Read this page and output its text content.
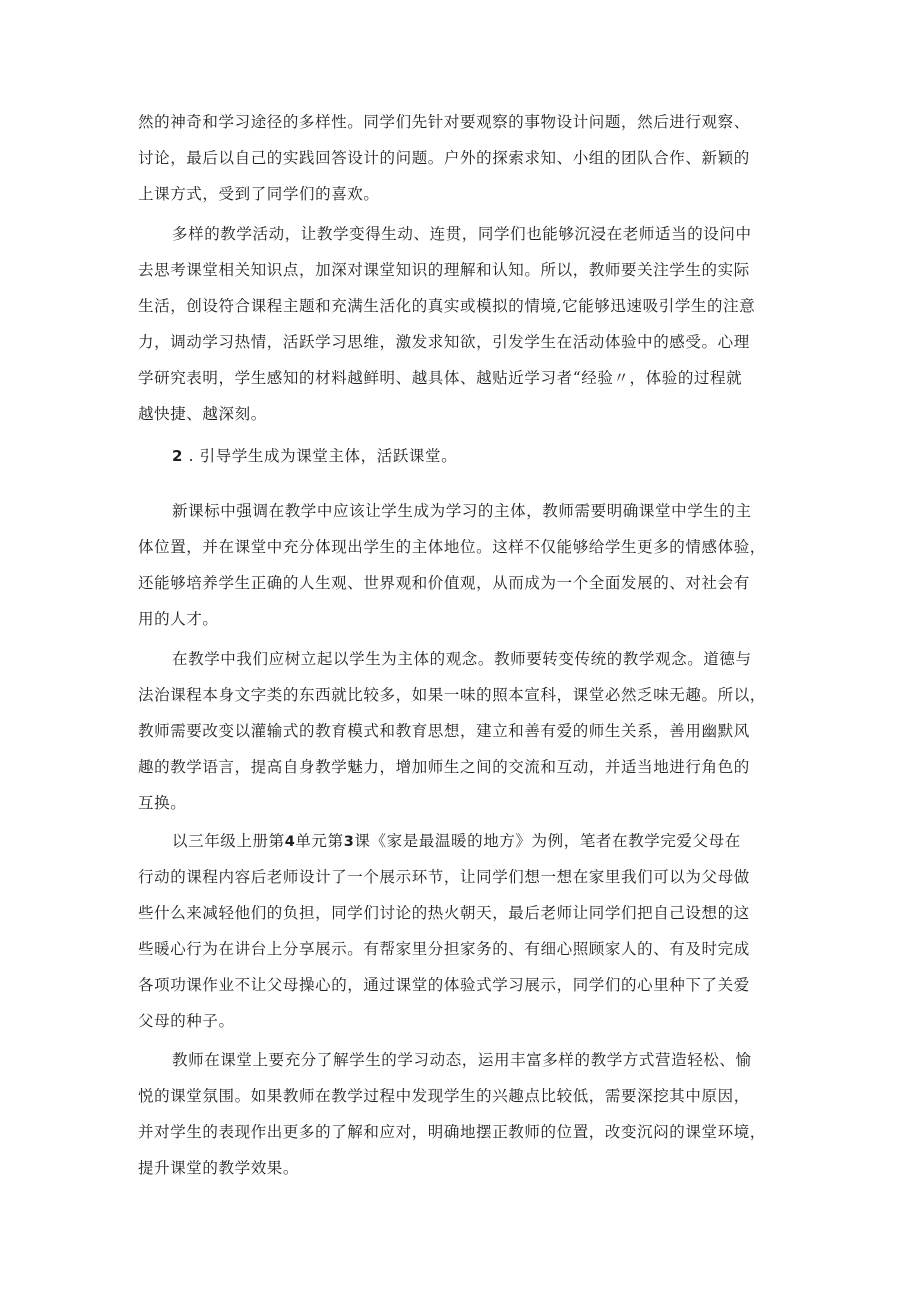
然的神奇和学习途径的多样性。同学们先针对要观察的事物设计问题，然后进行观察、
讨论，最后以自己的实践回答设计的问题。户外的探索求知、小组的团队合作、新颖的
上课方式，受到了同学们的喜欢。
多样的教学活动，让教学变得生动、连贯，同学们也能够沉浸在老师适当的设问中
去思考课堂相关知识点，加深对课堂知识的理解和认知。所以，教师要关注学生的实际
生活，创设符合课程主题和充满生活化的真实或模拟的情境,它能够迅速吸引学生的注意
力，调动学习热情，活跃学习思维，激发求知欲，引发学生在活动体验中的感受。心理
学研究表明，学生感知的材料越鲜明、越具体、越贴近学习者“经验〃，体验的过程就
越快捷、越深刻。
2 . 引导学生成为课堂主体，活跃课堂。
新课标中强调在教学中应该让学生成为学习的主体，教师需要明确课堂中学生的主
体位置，并在课堂中充分体现出学生的主体地位。这样不仅能够给学生更多的情感体验，
还能够培养学生正确的人生观、世界观和价值观，从而成为一个全面发展的、对社会有
用的人才。
在教学中我们应树立起以学生为主体的观念。教师要转变传统的教学观念。道德与
法治课程本身文字类的东西就比较多，如果一味的照本宣科，课堂必然乏味无趣。所以，
教师需要改变以灌输式的教育模式和教育思想，建立和善有爱的师生关系，善用幽默风
趣的教学语言，提高自身教学魅力，增加师生之间的交流和互动，并适当地进行角色的
互换。
以三年级上册第4单元第3课《家是最温暖的地方》为例，笔者在教学完爱父母在
行动的课程内容后老师设计了一个展示环节，让同学们想一想在家里我们可以为父母做
些什么来减轻他们的负担，同学们讨论的热火朝天，最后老师让同学们把自己设想的这
些暖心行为在讲台上分享展示。有帮家里分担家务的、有细心照顾家人的、有及时完成
各项功课作业不让父母操心的，通过课堂的体验式学习展示，同学们的心里种下了关爱
父母的种子。
教师在课堂上要充分了解学生的学习动态，运用丰富多样的教学方式营造轻松、愉
悦的课堂氛围。如果教师在教学过程中发现学生的兴趣点比较低，需要深挖其中原因，
并对学生的表现作出更多的了解和应对，明确地摆正教师的位置，改变沉闷的课堂环境，
提升课堂的教学效果。
